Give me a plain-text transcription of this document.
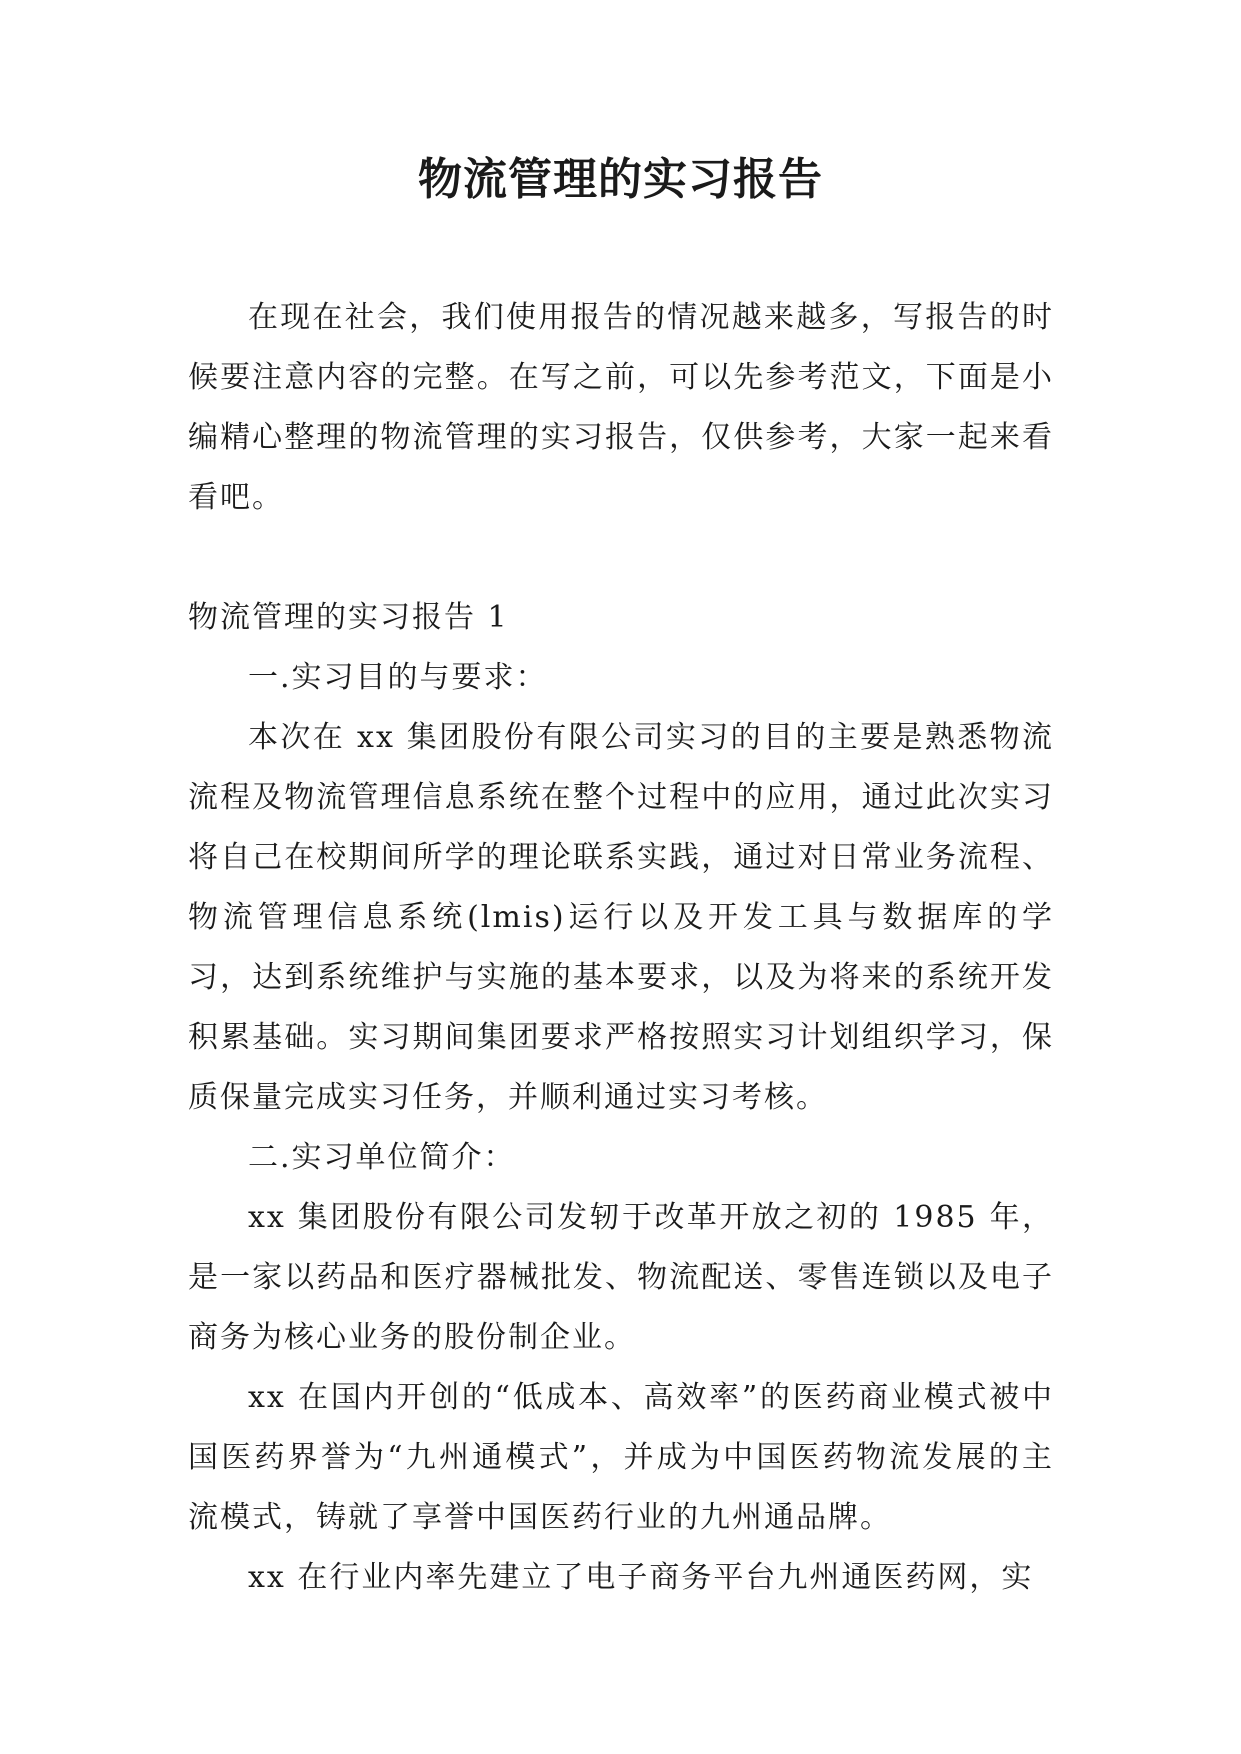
物流管理的实习报告

在现在社会，我们使用报告的情况越来越多，写报告的时候要注意内容的完整。在写之前，可以先参考范文，下面是小编精心整理的物流管理的实习报告，仅供参考，大家一起来看看吧。

物流管理的实习报告 1

一.实习目的与要求：

本次在 xx 集团股份有限公司实习的目的主要是熟悉物流流程及物流管理信息系统在整个过程中的应用，通过此次实习将自己在校期间所学的理论联系实践，通过对日常业务流程、物流管理信息系统(lmis)运行以及开发工具与数据库的学习，达到系统维护与实施的基本要求，以及为将来的系统开发积累基础。实习期间集团要求严格按照实习计划组织学习，保质保量完成实习任务，并顺利通过实习考核。

二.实习单位简介：

xx 集团股份有限公司发轫于改革开放之初的 1985 年，是一家以药品和医疗器械批发、物流配送、零售连锁以及电子商务为核心业务的股份制企业。

xx 在国内开创的“低成本、高效率”的医药商业模式被中国医药界誉为“九州通模式”，并成为中国医药物流发展的主流模式，铸就了享誉中国医药行业的九州通品牌。

xx 在行业内率先建立了电子商务平台九州通医药网，实
